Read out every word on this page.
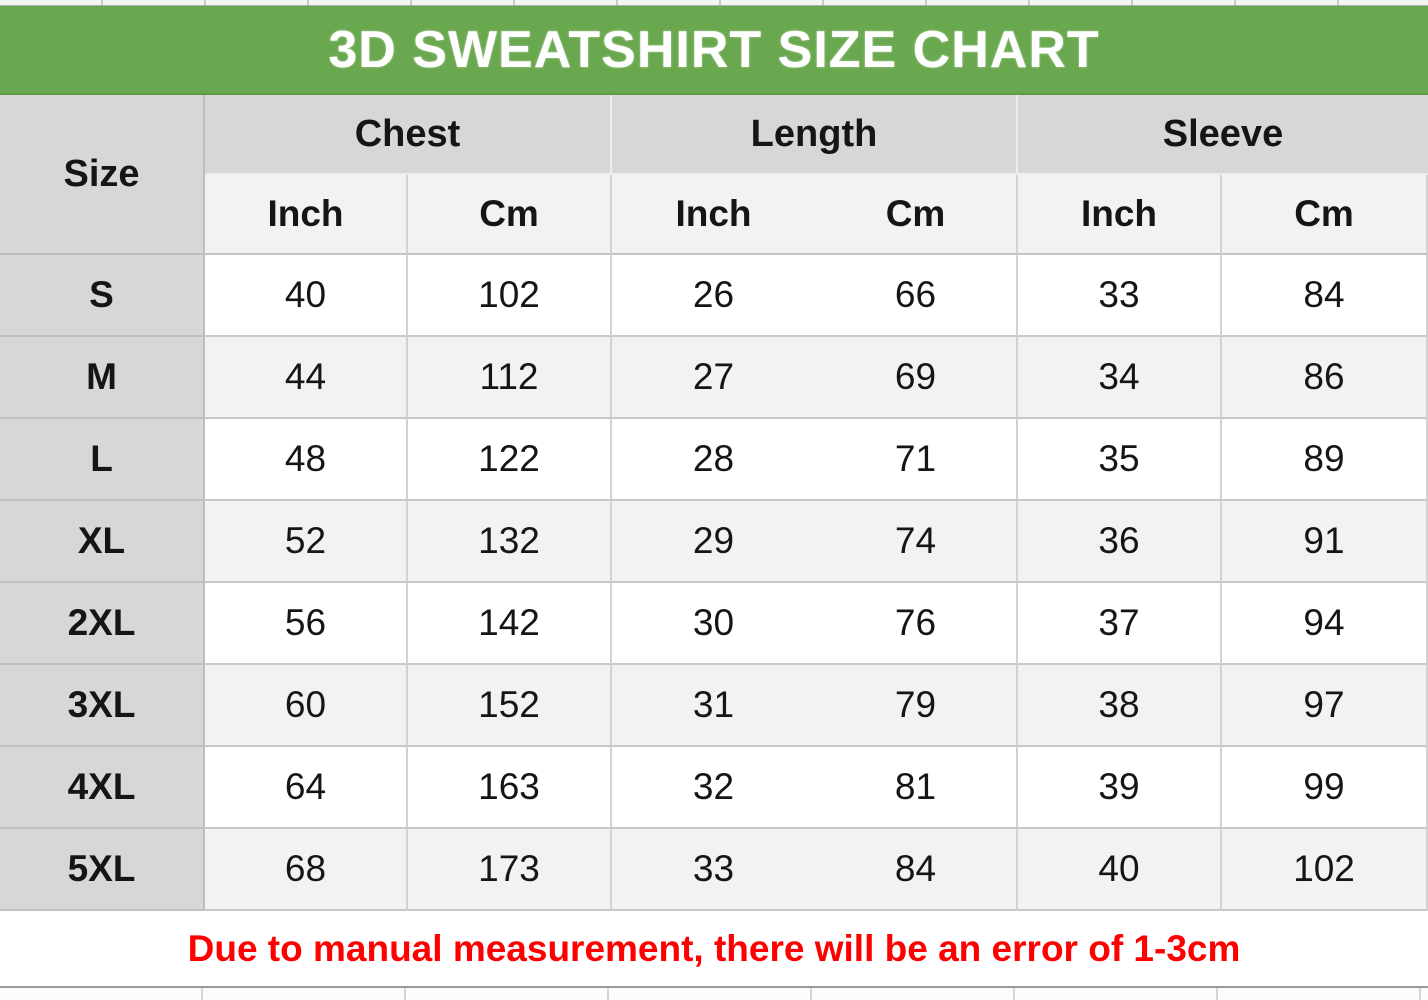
3D SWEATSHIRT SIZE CHART
Size
Chest	Length	Sleeve
Inch	Cm	Inch	Cm	Inch	Cm
S	40	102	26	66	33	84
M	44	112	27	69	34	86
L	48	122	28	71	35	89
XL	52	132	29	74	36	91
2XL	56	142	30	76	37	94
3XL	60	152	31	79	38	97
4XL	64	163	32	81	39	99
5XL	68	173	33	84	40	102
Due to manual measurement, there will be an error of 1-3cm
